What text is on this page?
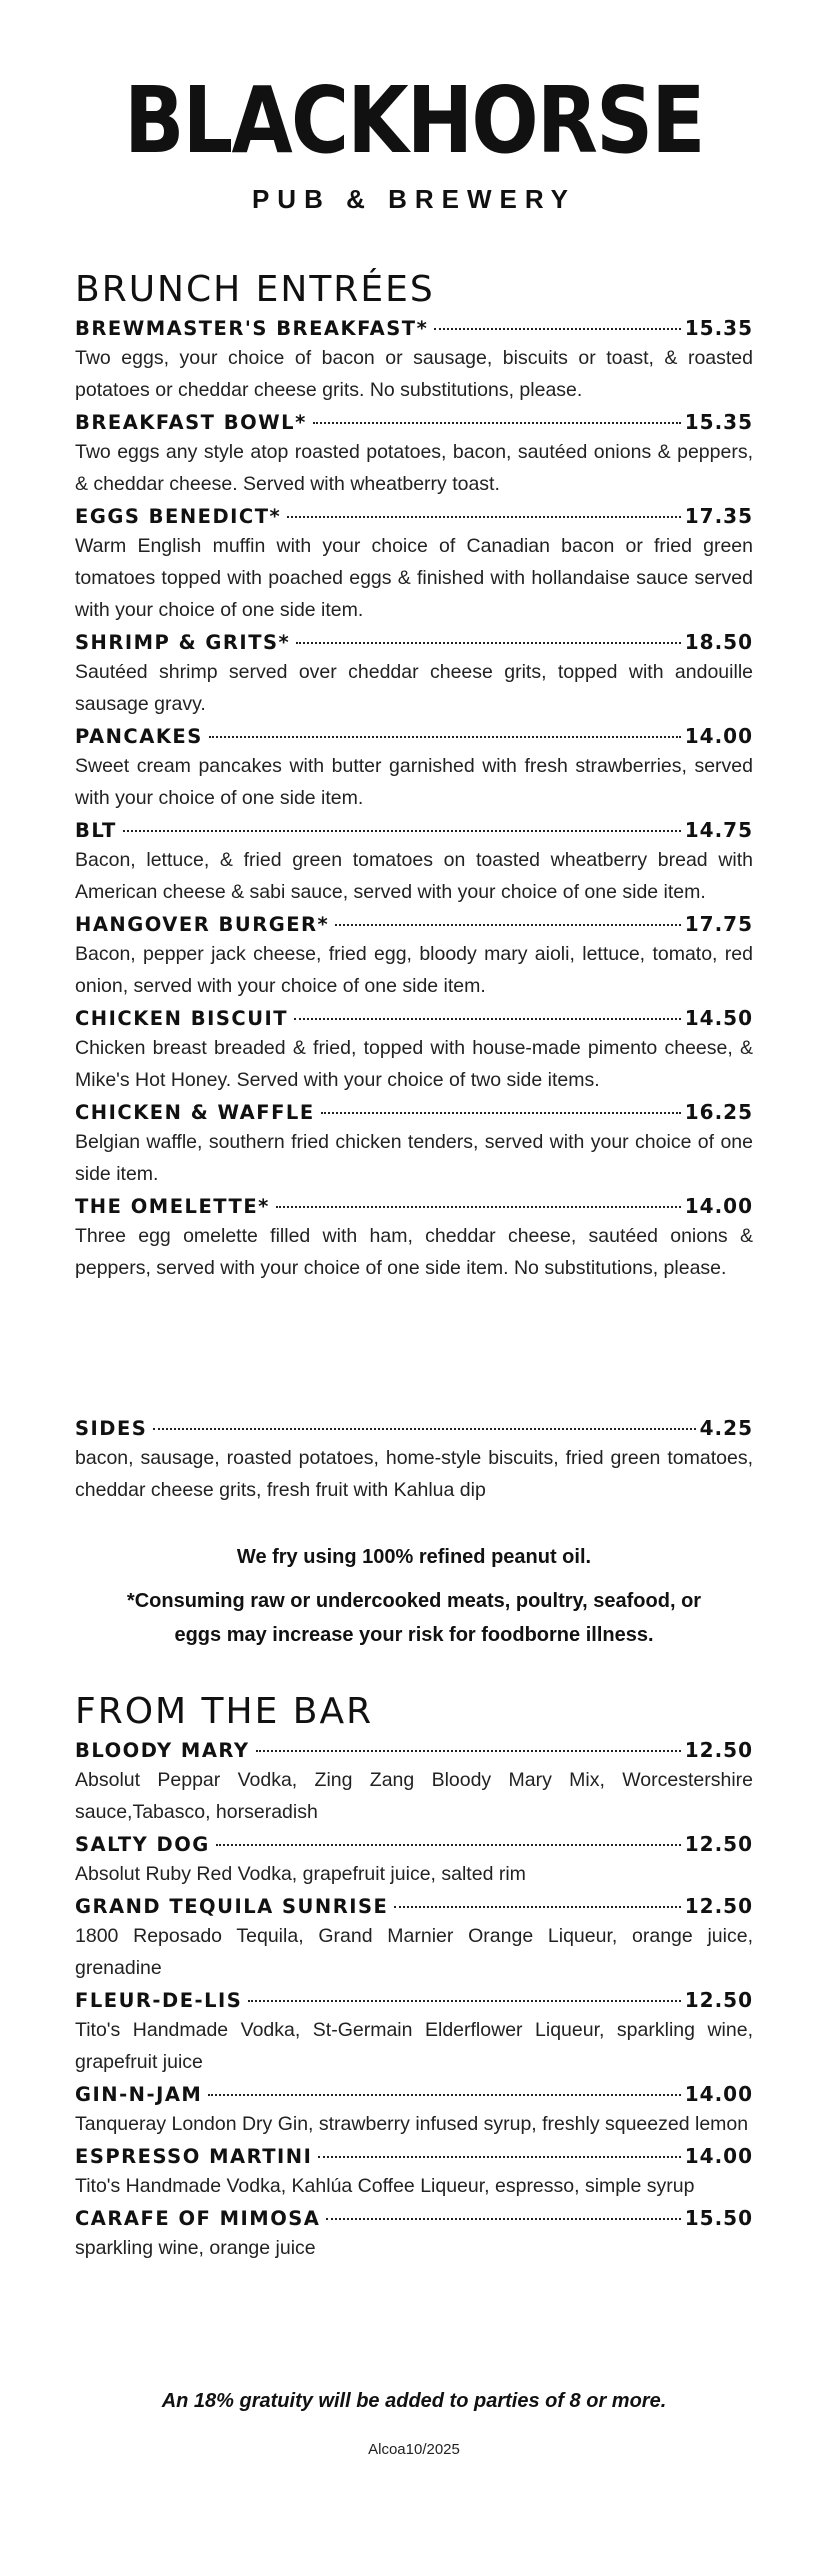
BLACKHORSE
PUB & BREWERY
BRUNCH ENTRÉES
BREWMASTER'S BREAKFAST*	15.35
Two eggs, your choice of bacon or sausage, biscuits or toast, & roasted potatoes or cheddar cheese grits. No substitutions, please.
BREAKFAST BOWL*	15.35
Two eggs any style atop roasted potatoes, bacon, sautéed onions & peppers, & cheddar cheese. Served with wheatberry toast.
EGGS BENEDICT*	17.35
Warm English muffin with your choice of Canadian bacon or fried green tomatoes topped with poached eggs & finished with hollandaise sauce served with your choice of one side item.
SHRIMP & GRITS*	18.50
Sautéed shrimp served over cheddar cheese grits, topped with andouille sausage gravy.
PANCAKES	14.00
Sweet cream pancakes with butter garnished with fresh strawberries, served with your choice of one side item.
BLT	14.75
Bacon, lettuce, & fried green tomatoes on toasted wheatberry bread with American cheese & sabi sauce, served with your choice of one side item.
HANGOVER BURGER*	17.75
Bacon, pepper jack cheese, fried egg, bloody mary aioli, lettuce, tomato, red onion, served with your choice of one side item.
CHICKEN BISCUIT	14.50
Chicken breast breaded & fried, topped with house-made pimento cheese, & Mike's Hot Honey. Served with your choice of two side items.
CHICKEN & WAFFLE	16.25
Belgian waffle, southern fried chicken tenders, served with your choice of one side item.
THE OMELETTE*	14.00
Three egg omelette filled with ham, cheddar cheese, sautéed onions & peppers, served with your choice of one side item. No substitutions, please.
SIDES	4.25
bacon, sausage, roasted potatoes, home-style biscuits, fried green tomatoes, cheddar cheese grits, fresh fruit with Kahlua dip
We fry using 100% refined peanut oil.
*Consuming raw or undercooked meats, poultry, seafood, or eggs may increase your risk for foodborne illness.
FROM THE BAR
BLOODY MARY	12.50
Absolut Peppar Vodka, Zing Zang Bloody Mary Mix, Worcestershire sauce,Tabasco, horseradish
SALTY DOG	12.50
Absolut Ruby Red Vodka, grapefruit juice, salted rim
GRAND TEQUILA SUNRISE	12.50
1800 Reposado Tequila, Grand Marnier Orange Liqueur, orange juice, grenadine
FLEUR-DE-LIS	12.50
Tito's Handmade Vodka, St-Germain Elderflower Liqueur, sparkling wine, grapefruit juice
GIN-N-JAM	14.00
Tanqueray London Dry Gin, strawberry infused syrup, freshly squeezed lemon
ESPRESSO MARTINI	14.00
Tito's Handmade Vodka, Kahlúa Coffee Liqueur, espresso, simple syrup
CARAFE OF MIMOSA	15.50
sparkling wine, orange juice
An 18% gratuity will be added to parties of 8 or more.
Alcoa10/2025
